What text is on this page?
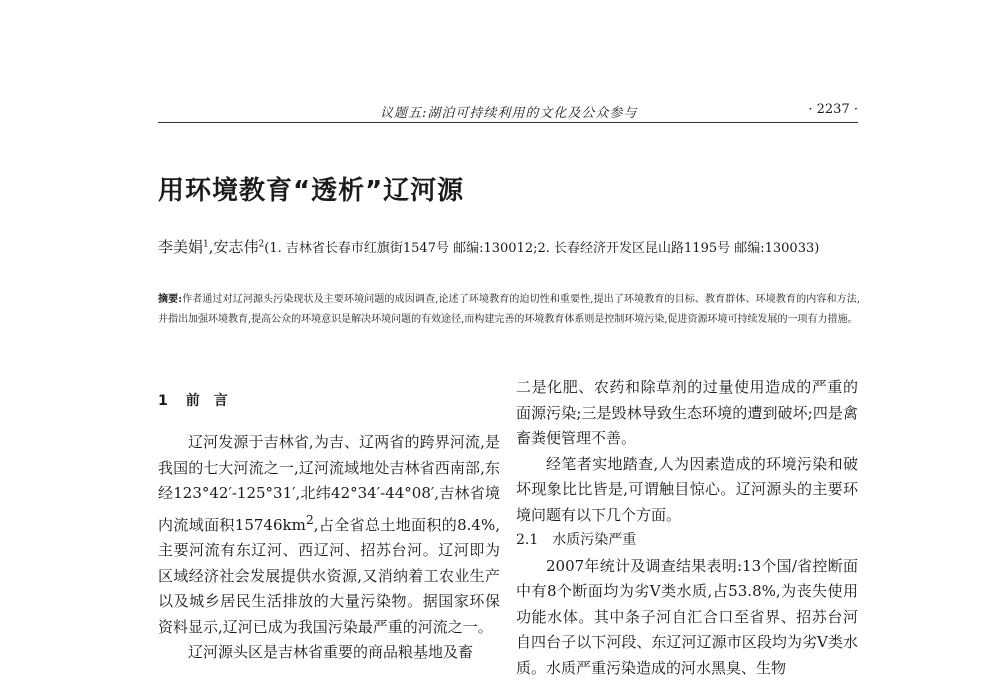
议题五:湖泊可持续利用的文化及公众参与	· 2237 ·
用环境教育“透析”辽河源
李美娟$^1$,安志伟$^2$(1. 吉林省长春市红旗街1547号 邮编:130012;2. 长春经济开发区昆山路1195号 邮编:130033)
摘要:作者通过对辽河源头污染现状及主要环境问题的成因调查,论述了环境教育的迫切性和重要性,提出了环境教育的目标、教育群体、环境教育的内容和方法,并指出加强环境教育,提高公众的环境意识是解决环境问题的有效途径,而构建完善的环境教育体系则是控制环境污染,促进资源环境可持续发展的一项有力措施。
1 前言

辽河发源于吉林省,为吉、辽两省的跨界河流,是我国的七大河流之一,辽河流域地处吉林省西南部,东经123°42′-125°31′,北纬42°34′-44°08′,吉林省境内流域面积$15746km^2$,占全省总土地面积的8.4%,主要河流有东辽河、西辽河、招苏台河。辽河即为区域经济社会发展提供水资源,又消纳着工农业生产以及城乡居民生活排放的大量污染物。据国家环保资料显示,辽河已成为我国污染最严重的河流之一。

辽河源头区是吉林省重要的商品粮基地及畜

二是化肥、农药和除草剂的过量使用造成的严重的面源污染;三是毁林导致生态环境的遭到破坏;四是禽畜粪便管理不善。

经笔者实地踏查,人为因素造成的环境污染和破坏现象比比皆是,可谓触目惊心。辽河源头的主要环境问题有以下几个方面。

2.1 水质污染严重

2007年统计及调查结果表明:13个国/省控断面中有8个断面均为劣Ⅴ类水质,占53.8%,为丧失使用功能水体。其中条子河自汇合口至省界、招苏台河自四台子以下河段、东辽河辽源市区段均为劣Ⅴ类水质。水质严重污染造成的河水黑臭、生物
